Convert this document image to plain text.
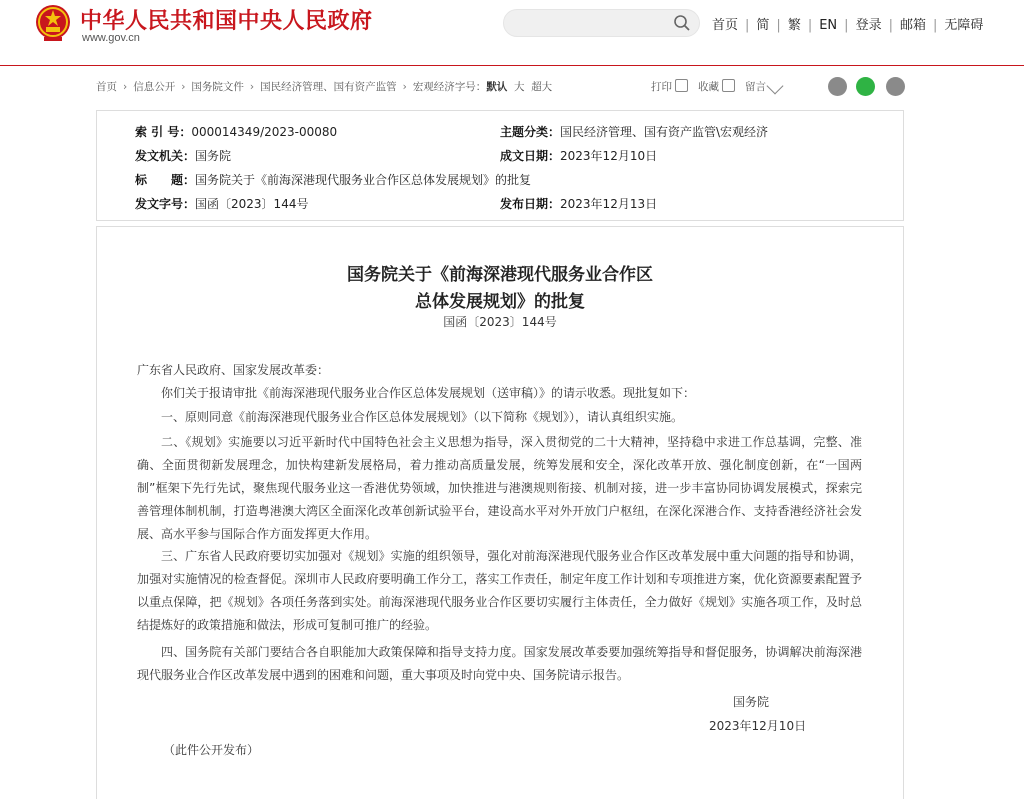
中华人民共和国中央人民政府
www.gov.cn
首页 | 简 | 繁 | EN | 登录 | 邮箱 | 无障碍
首页 › 信息公开 › 国务院文件 › 国民经济管理、国有资产监管 › 宏观经济字号：默认 大 超大	打印 收藏 留言
索 引 号：000014349/2023-00080	主题分类：国民经济管理、国有资产监管\宏观经济
发文机关：国务院	成文日期：2023年12月10日
标　　题：国务院关于《前海深港现代服务业合作区总体发展规划》的批复
发文字号：国函〔2023〕144号	发布日期：2023年12月13日
国务院关于《前海深港现代服务业合作区
总体发展规划》的批复
国函〔2023〕144号
广东省人民政府、国家发展改革委：
你们关于报请审批《前海深港现代服务业合作区总体发展规划（送审稿）》的请示收悉。现批复如下：
一、原则同意《前海深港现代服务业合作区总体发展规划》（以下简称《规划》），请认真组织实施。
二、《规划》实施要以习近平新时代中国特色社会主义思想为指导，深入贯彻党的二十大精神，坚持稳中求进工作总基调，完整、准确、全面贯彻新发展理念，加快构建新发展格局，着力推动高质量发展，统筹发展和安全，深化改革开放、强化制度创新，在“一国两制”框架下先行先试，聚焦现代服务业这一香港优势领域，加快推进与港澳规则衔接、机制对接，进一步丰富协同协调发展模式，探索完善管理体制机制，打造粤港澳大湾区全面深化改革创新试验平台，建设高水平对外开放门户枢纽，在深化深港合作、支持香港经济社会发展、高水平参与国际合作方面发挥更大作用。
三、广东省人民政府要切实加强对《规划》实施的组织领导，强化对前海深港现代服务业合作区改革发展中重大问题的指导和协调，加强对实施情况的检查督促。深圳市人民政府要明确工作分工，落实工作责任，制定年度工作计划和专项推进方案，优化资源要素配置予以重点保障，把《规划》各项任务落到实处。前海深港现代服务业合作区要切实履行主体责任，全力做好《规划》实施各项工作，及时总结提炼好的政策措施和做法，形成可复制可推广的经验。
四、国务院有关部门要结合各自职能加大政策保障和指导支持力度。国家发展改革委要加强统筹指导和督促服务，协调解决前海深港现代服务业合作区改革发展中遇到的困难和问题，重大事项及时向党中央、国务院请示报告。
国务院
2023年12月10日
（此件公开发布）
